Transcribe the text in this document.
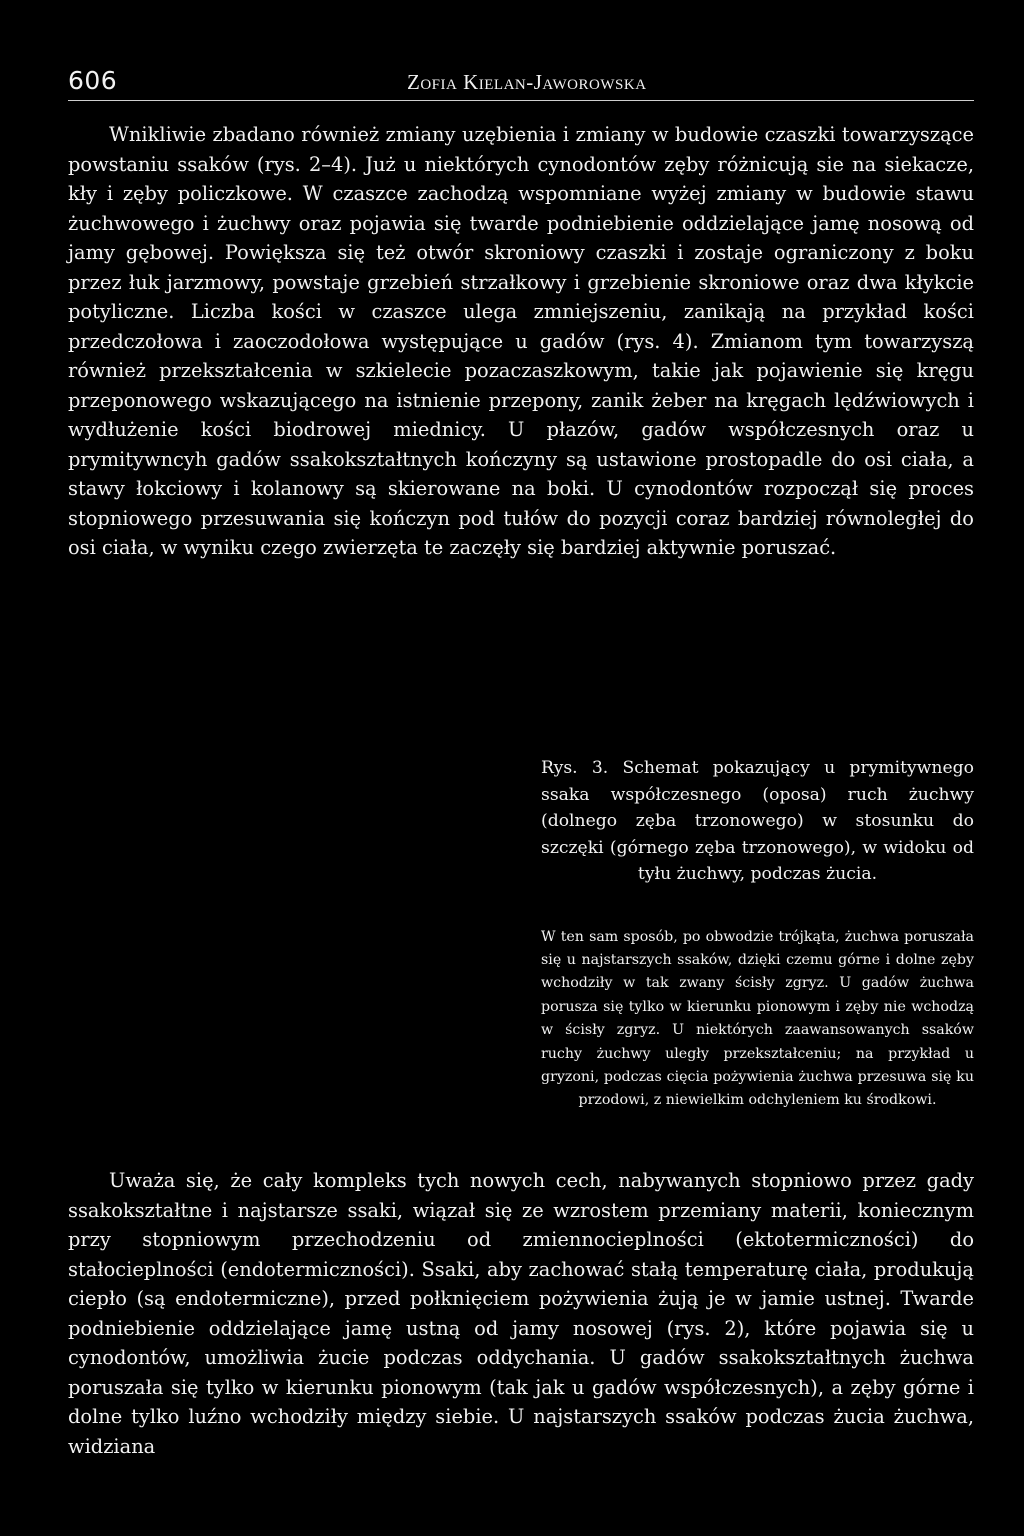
606	Zofia Kielan-Jaworowska

Wnikliwie zbadano również zmiany uzębienia i zmiany w budowie czaszki towarzyszące powstaniu ssaków (rys. 2–4). Już u niektórych cynodontów zęby różnicują sie na siekacze, kły i zęby policzkowe. W czaszce zachodzą wspomniane wyżej zmiany w budowie stawu żuchwowego i żuchwy oraz pojawia się twarde podniebienie oddzielające jamę nosową od jamy gębowej. Powiększa się też otwór skroniowy czaszki i zostaje ograniczony z boku przez łuk jarzmowy, powstaje grzebień strzałkowy i grzebienie skroniowe oraz dwa kłykcie potyliczne. Liczba kości w czaszce ulega zmniejszeniu, zanikają na przykład kości przedczołowa i zaoczodołowa występujące u gadów (rys. 4). Zmianom tym towarzyszą również przekształcenia w szkielecie pozaczaszkowym, takie jak pojawienie się kręgu przeponowego wskazującego na istnienie przepony, zanik żeber na kręgach lędźwiowych i wydłużenie kości biodrowej miednicy. U płazów, gadów współczesnych oraz u prymitywncyh gadów ssakokształtnych kończyny są ustawione prostopadle do osi ciała, a stawy łokciowy i kolanowy są skierowane na boki. U cynodontów rozpoczął się proces stopniowego przesuwania się kończyn pod tułów do pozycji coraz bardziej równoległej do osi ciała, w wyniku czego zwierzęta te zaczęły się bardziej aktywnie poruszać.

Rys. 3. Schemat pokazujący u prymitywnego ssaka współczesnego (oposa) ruch żuchwy (dolnego zęba trzonowego) w stosunku do szczęki (górnego zęba trzonowego), w widoku od tyłu żuchwy, podczas żucia.

W ten sam sposób, po obwodzie trójkąta, żuchwa poruszała się u najstarszych ssaków, dzięki czemu górne i dolne zęby wchodziły w tak zwany ścisły zgryz. U gadów żuchwa porusza się tylko w kierunku pionowym i zęby nie wchodzą w ścisły zgryz. U niektórych zaawansowanych ssaków ruchy żuchwy uległy przekształceniu; na przykład u gryzoni, podczas cięcia pożywienia żuchwa przesuwa się ku przodowi, z niewielkim odchyleniem ku środkowi.

Uważa się, że cały kompleks tych nowych cech, nabywanych stopniowo przez gady ssakokształtne i najstarsze ssaki, wiązał się ze wzrostem przemiany materii, koniecznym przy stopniowym przechodzeniu od zmiennocieplności (ektotermiczności) do stałocieplności (endotermiczności). Ssaki, aby zachować stałą temperaturę ciała, produkują ciepło (są endotermiczne), przed połknięciem pożywienia żują je w jamie ustnej. Twarde podniebienie oddzielające jamę ustną od jamy nosowej (rys. 2), które pojawia się u cynodontów, umożliwia żucie podczas oddychania. U gadów ssakokształtnych żuchwa poruszała się tylko w kierunku pionowym (tak jak u gadów współczesnych), a zęby górne i dolne tylko luźno wchodziły między siebie. U najstarszych ssaków podczas żucia żuchwa, widziana
